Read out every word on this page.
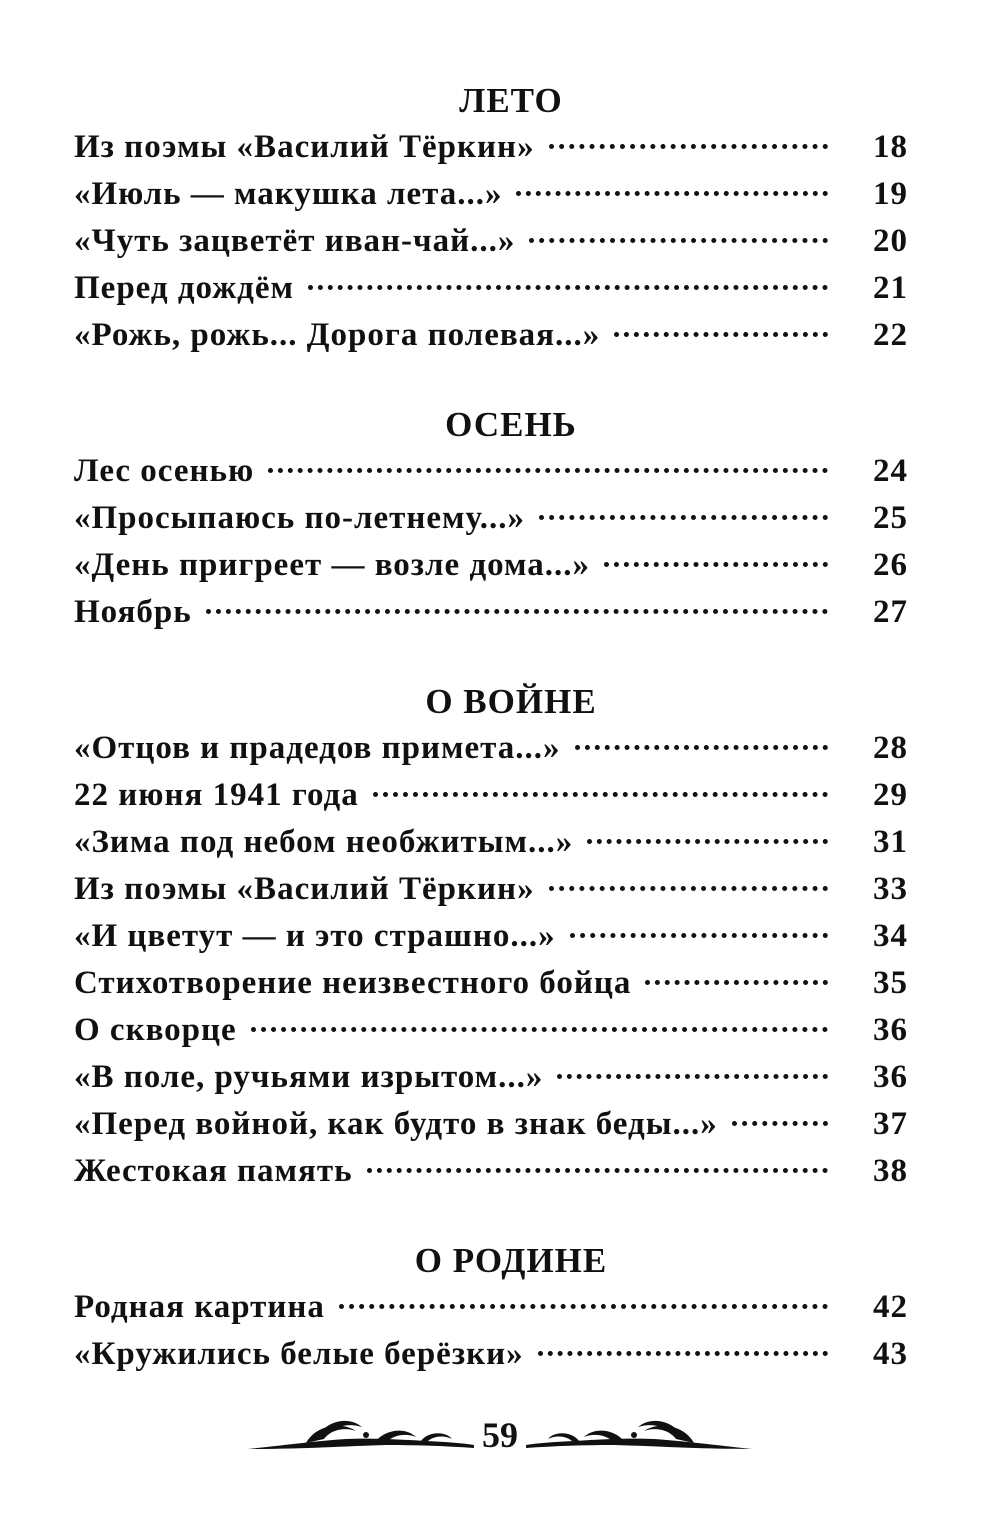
ЛЕТО
Из поэмы «Василий Тёркин»	18
«Июль — макушка лета...»	19
«Чуть зацветёт иван-чай...»	20
Перед дождём	21
«Рожь, рожь... Дорога полевая...»	22
ОСЕНЬ
Лес осенью	24
«Просыпаюсь по-летнему...»	25
«День пригреет — возле дома...»	26
Ноябрь	27
О ВОЙНЕ
«Отцов и прадедов примета...»	28
22 июня 1941 года	29
«Зима под небом необжитым...»	31
Из поэмы «Василий Тёркин»	33
«И цветут — и это страшно...»	34
Стихотворение неизвестного бойца	35
О скворце	36
«В поле, ручьями изрытом...»	36
«Перед войной, как будто в знак беды...»	37
Жестокая память	38
О РОДИНЕ
Родная картина	42
«Кружились белые берёзки»	43
59
